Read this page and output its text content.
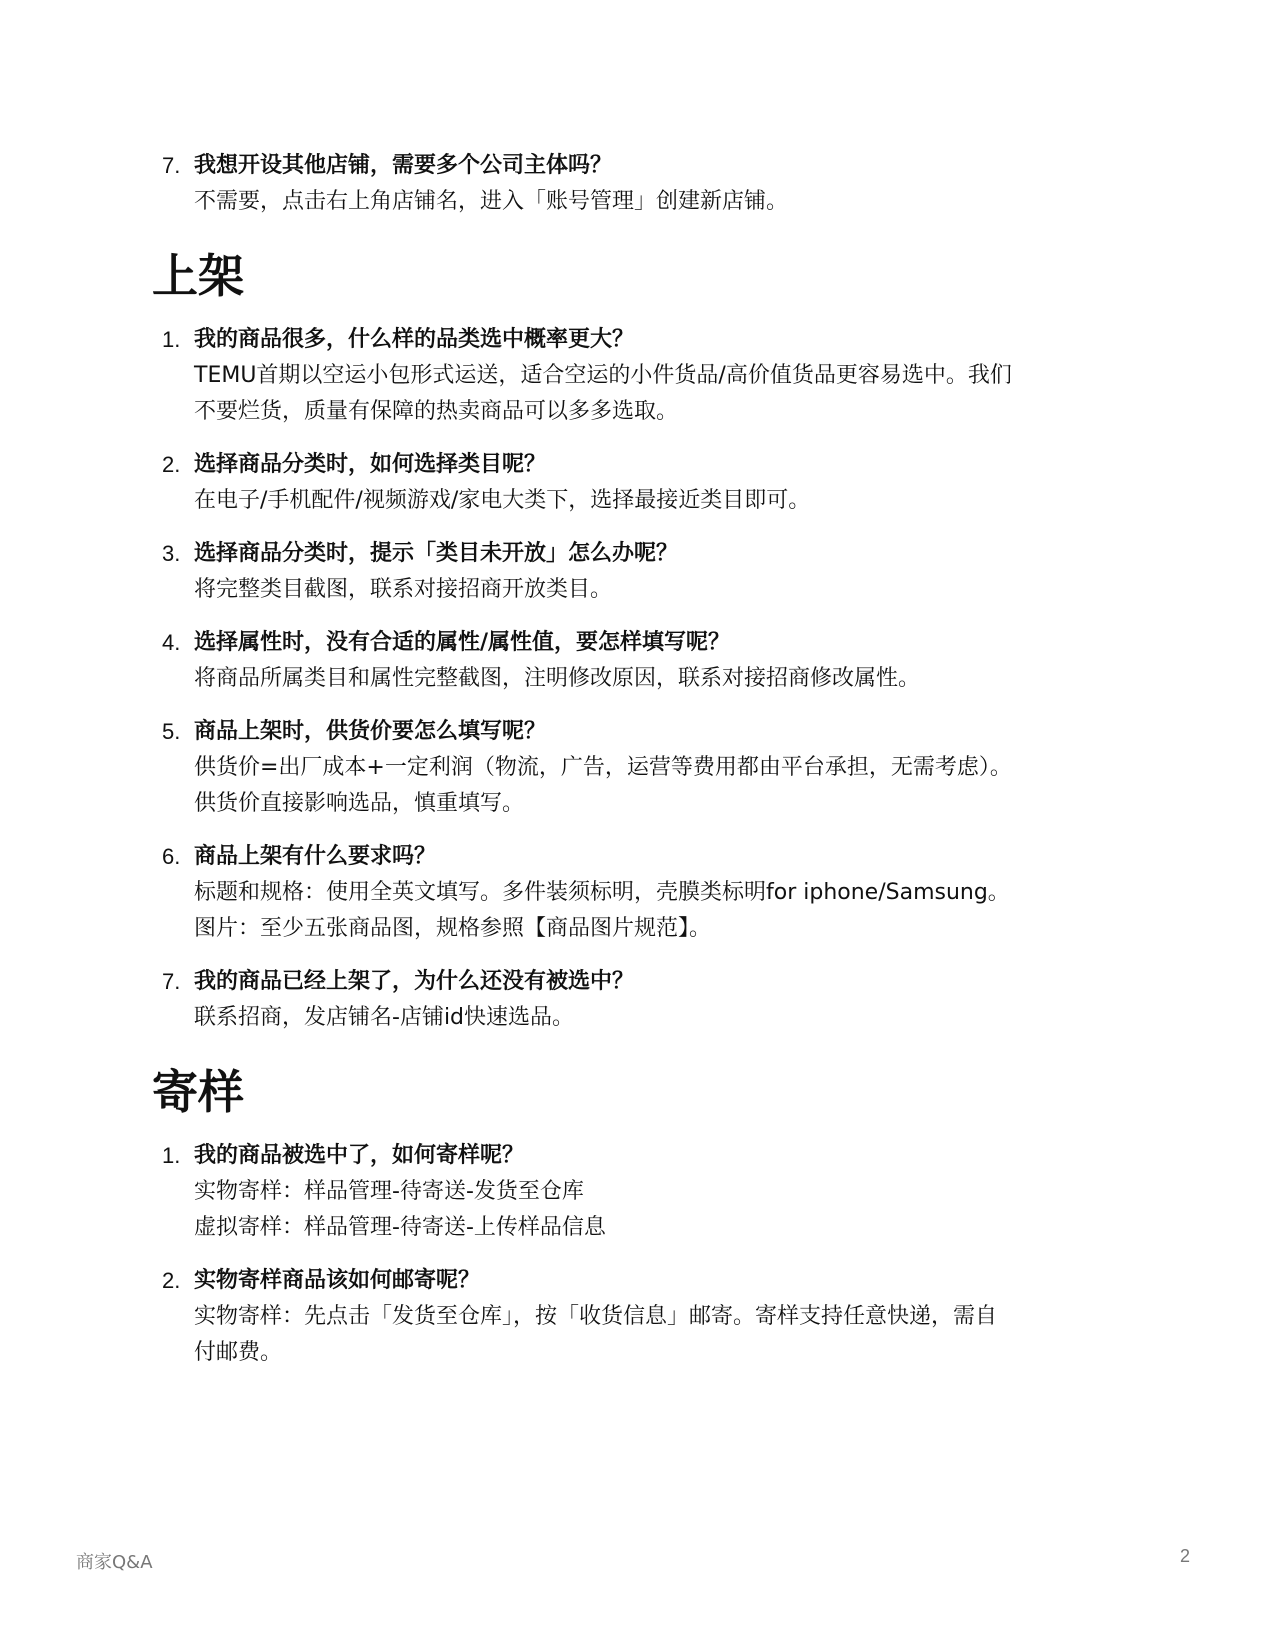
7. 我想开设其他店铺，需要多个公司主体吗？
不需要，点击右上角店铺名，进入「账号管理」创建新店铺。
上架
1. 我的商品很多，什么样的品类选中概率更大？
TEMU首期以空运小包形式运送，适合空运的小件货品/高价值货品更容易选中。我们
不要烂货，质量有保障的热卖商品可以多多选取。
2. 选择商品分类时，如何选择类目呢？
在电子/手机配件/视频游戏/家电大类下，选择最接近类目即可。
3. 选择商品分类时，提示「类目未开放」怎么办呢？
将完整类目截图，联系对接招商开放类目。
4. 选择属性时，没有合适的属性/属性值，要怎样填写呢？
将商品所属类目和属性完整截图，注明修改原因，联系对接招商修改属性。
5. 商品上架时，供货价要怎么填写呢？
供货价=出厂成本+一定利润（物流，广告，运营等费用都由平台承担，无需考虑）。
供货价直接影响选品，慎重填写。
6. 商品上架有什么要求吗？
标题和规格：使用全英文填写。多件装须标明，壳膜类标明for iphone/Samsung。
图片：至少五张商品图，规格参照【商品图片规范】。
7. 我的商品已经上架了，为什么还没有被选中？
联系招商，发店铺名-店铺id快速选品。
寄样
1. 我的商品被选中了，如何寄样呢？
实物寄样：样品管理-待寄送-发货至仓库
虚拟寄样：样品管理-待寄送-上传样品信息
2. 实物寄样商品该如何邮寄呢？
实物寄样：先点击「发货至仓库」，按「收货信息」邮寄。寄样支持任意快递，需自
付邮费。
商家Q&A	2
